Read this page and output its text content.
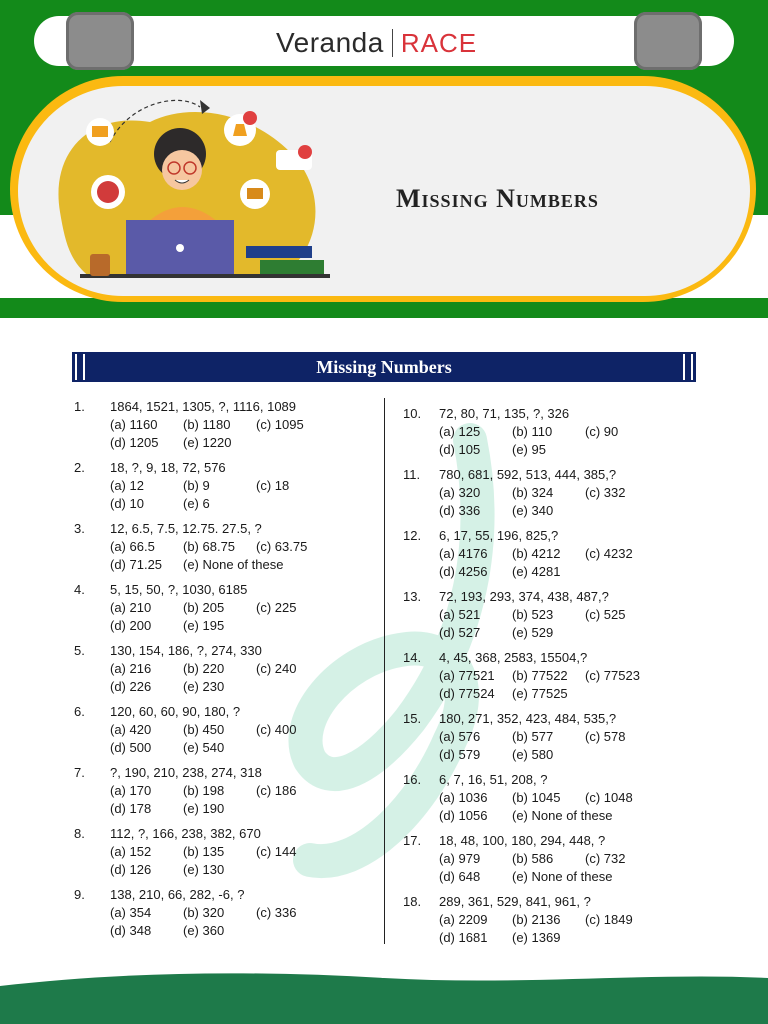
Veranda RACE
Missing Numbers
Missing Numbers
1. 1864, 1521, 1305, ?, 1116, 1089
(a) 1160 (b) 1180 (c) 1095
(d) 1205 (e) 1220
2. 18, ?, 9, 18, 72, 576
(a) 12	(b) 9	(c) 18
(d) 10	(e) 6
3. 12, 6.5, 7.5, 12.75. 27.5, ?
(a) 66.5 (b) 68.75 (c) 63.75
(d) 71.25 (e) None of these
4. 5, 15, 50, ?, 1030, 6185
(a) 210 (b) 205 (c) 225
(d) 200 (e) 195
5. 130, 154, 186, ?, 274, 330
(a) 216 (b) 220 (c) 240
(d) 226 (e) 230
6. 120, 60, 60, 90, 180, ?
(a) 420 (b) 450 (c) 400
(d) 500 (e) 540
7. ?, 190, 210, 238, 274, 318
(a) 170 (b) 198 (c) 186
(d) 178 (e) 190
8. 112, ?, 166, 238, 382, 670
(a) 152 (b) 135 (c) 144
(d) 126 (e) 130
9. 138, 210, 66, 282, -6, ?
(a) 354 (b) 320 (c) 336
(d) 348 (e) 360
10. 72, 80, 71, 135, ?, 326
(a) 125 (b) 110	(c) 90
(d) 105 (e) 95
11. 780, 681, 592, 513, 444, 385,?
(a) 320 (b) 324 (c) 332
(d) 336 (e) 340
12. 6, 17, 55, 196, 825,?
(a) 4176 (b) 4212 (c) 4232
(d) 4256 (e) 4281
13. 72, 193, 293, 374, 438, 487,?
(a) 521 (b) 523 (c) 525
(d) 527 (e) 529
14. 4, 45, 368, 2583, 15504,?
(a) 77521 (b) 77522 (c) 77523
(d) 77524 (e) 77525
15. 180, 271, 352, 423, 484, 535,?
(a) 576 (b) 577 (c) 578
(d) 579 (e) 580
16. 6, 7, 16, 51, 208, ?
(a) 1036 (b) 1045 (c) 1048
(d) 1056 (e) None of these
17. 18, 48, 100, 180, 294, 448, ?
(a) 979 (b) 586 (c) 732
(d) 648 (e) None of these
18. 289, 361, 529, 841, 961, ?
(a) 2209 (b) 2136 (c) 1849
(d) 1681 (e) 1369
